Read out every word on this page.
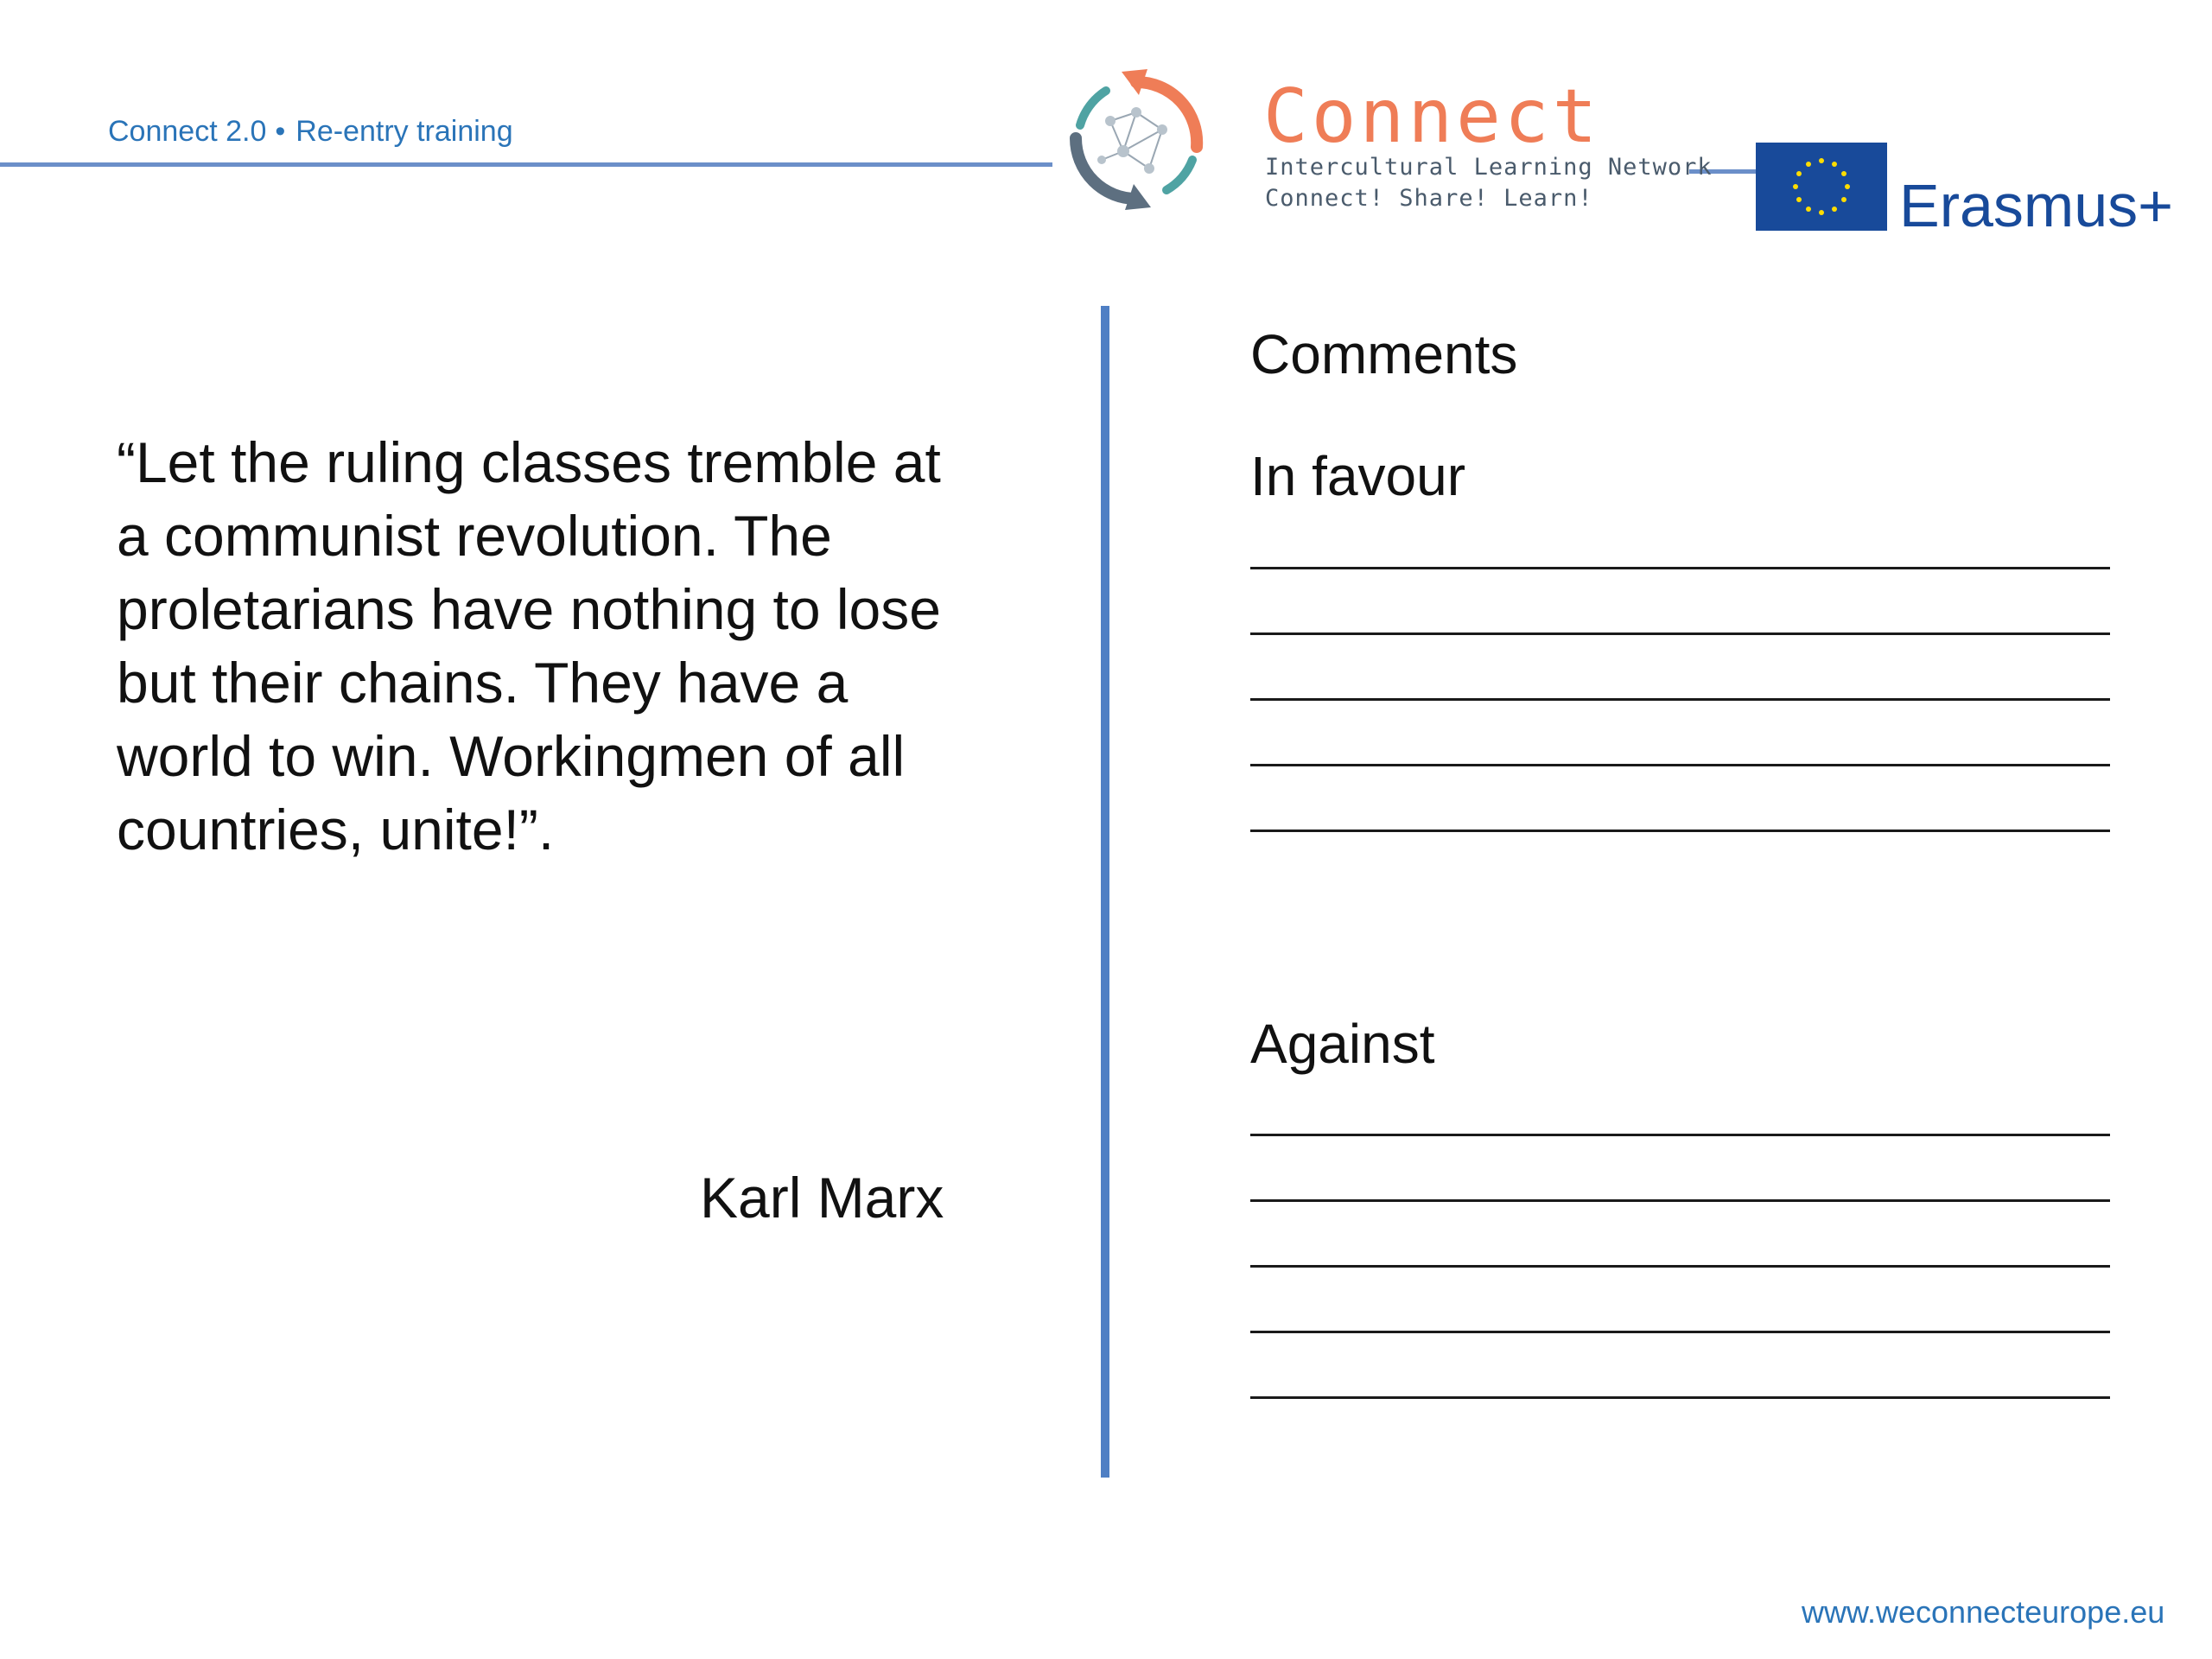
Connect 2.0 • Re-entry training	Connect
Intercultural Learning Network
Connect! Share! Learn!	Erasmus+
“Let the ruling classes tremble at a communist revolution. The proletarians have nothing to lose but their chains. They have a world to win. Workingmen of all countries, unite!”.
Karl Marx
Comments
In favour
Against
www.weconnecteurope.eu
